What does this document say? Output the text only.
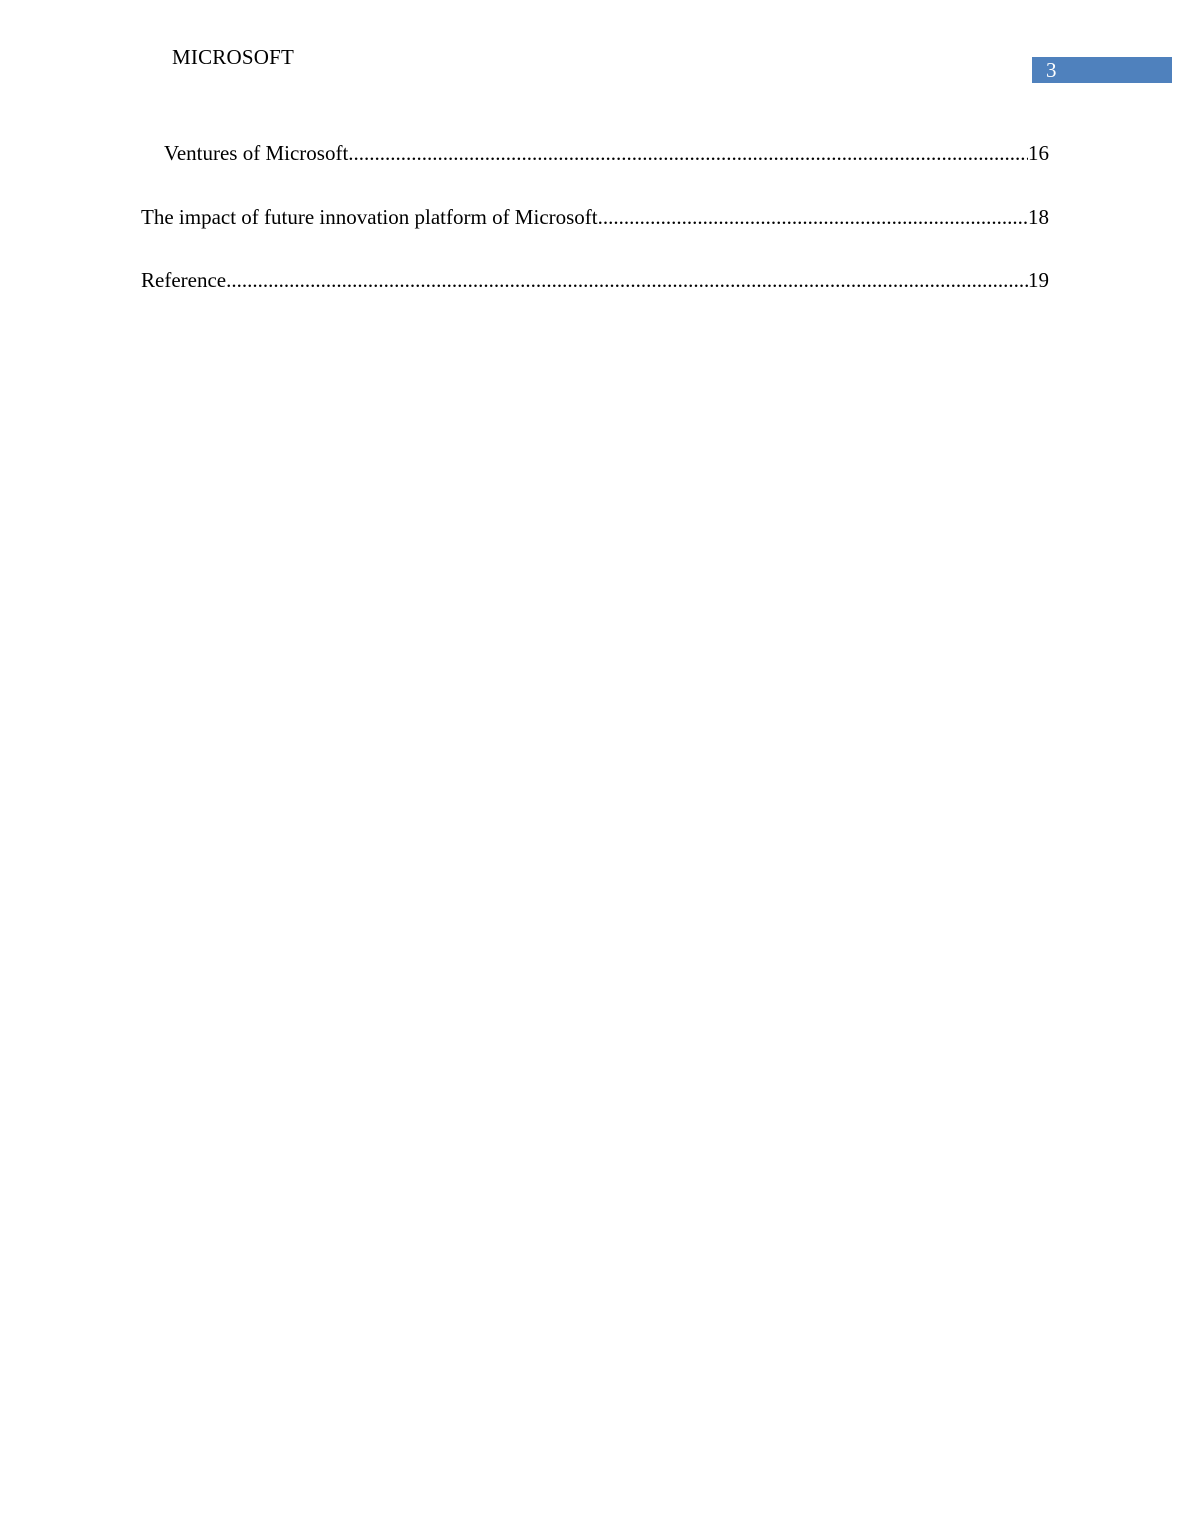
MICROSOFT
3
Ventures of Microsoft .....	16
The impact of future innovation platform of Microsoft .....	18
Reference .....	19
